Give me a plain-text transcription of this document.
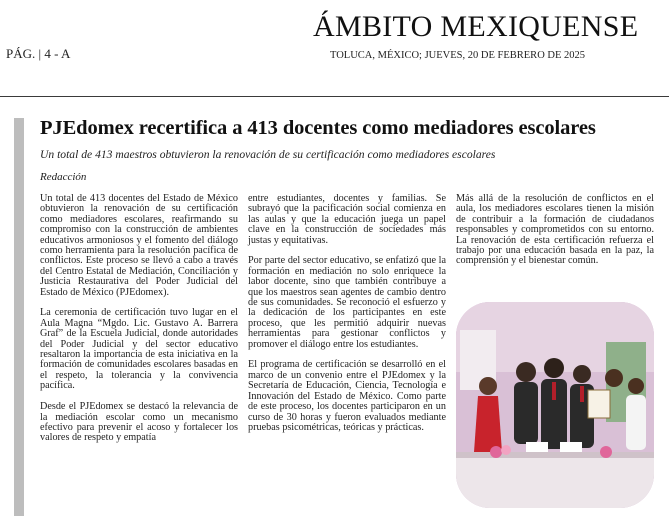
ÁMBITO MEXIQUENSE
PÁG. | 4 - A	TOLUCA, MÉXICO; JUEVES, 20 DE FEBRERO DE 2025
PJEdomex recertifica a 413 docentes como mediadores escolares
Un total de 413 maestros obtuvieron la renovación de su certificación como mediadores escolares
Redacción

Un total de 413 docentes del Estado de México obtuvieron la renovación de su certificación como mediadores escolares, reafirmando su compromiso con la construcción de ambientes educativos armoniosos y el fomento del diálogo como herramienta para la resolución pacífica de conflictos. Este proceso se llevó a cabo a través del Centro Estatal de Mediación, Conciliación y Justicia Restaurativa del Poder Judicial del Estado de México (PJEdomex).

La ceremonia de certificación tuvo lugar en el Aula Magna “Mgdo. Lic. Gustavo A. Barrera Graf” de la Escuela Judicial, donde autoridades del Poder Judicial y del sector educativo resaltaron la importancia de esta iniciativa en la formación de comunidades escolares basadas en el respeto, la tolerancia y la convivencia pacífica.

Desde el PJEdomex se destacó la relevancia de la mediación escolar como un mecanismo efectivo para prevenir el acoso y fortalecer los valores de respeto y empatía

entre estudiantes, docentes y familias. Se subrayó que la pacificación social comienza en las aulas y que la educación juega un papel clave en la construcción de sociedades más justas y equitativas.

Por parte del sector educativo, se enfatizó que la formación en mediación no solo enriquece la labor docente, sino que también contribuye a que los maestros sean agentes de cambio dentro de sus comunidades. Se reconoció el esfuerzo y la dedicación de los participantes en este proceso, que les permitió adquirir nuevas herramientas para gestionar conflictos y promover el diálogo entre los estudiantes.

El programa de certificación se desarrolló en el marco de un convenio entre el PJEdomex y la Secretaría de Educación, Ciencia, Tecnología e Innovación del Estado de México. Como parte de este proceso, los docentes participaron en un curso de 30 horas y fueron evaluados mediante pruebas psicométricas, teóricas y prácticas.

Más allá de la resolución de conflictos en el aula, los mediadores escolares tienen la misión de contribuir a la formación de ciudadanos responsables y comprometidos con su entorno. La renovación de esta certificación refuerza el trabajo por una educación basada en la paz, la comprensión y el bienestar común.
